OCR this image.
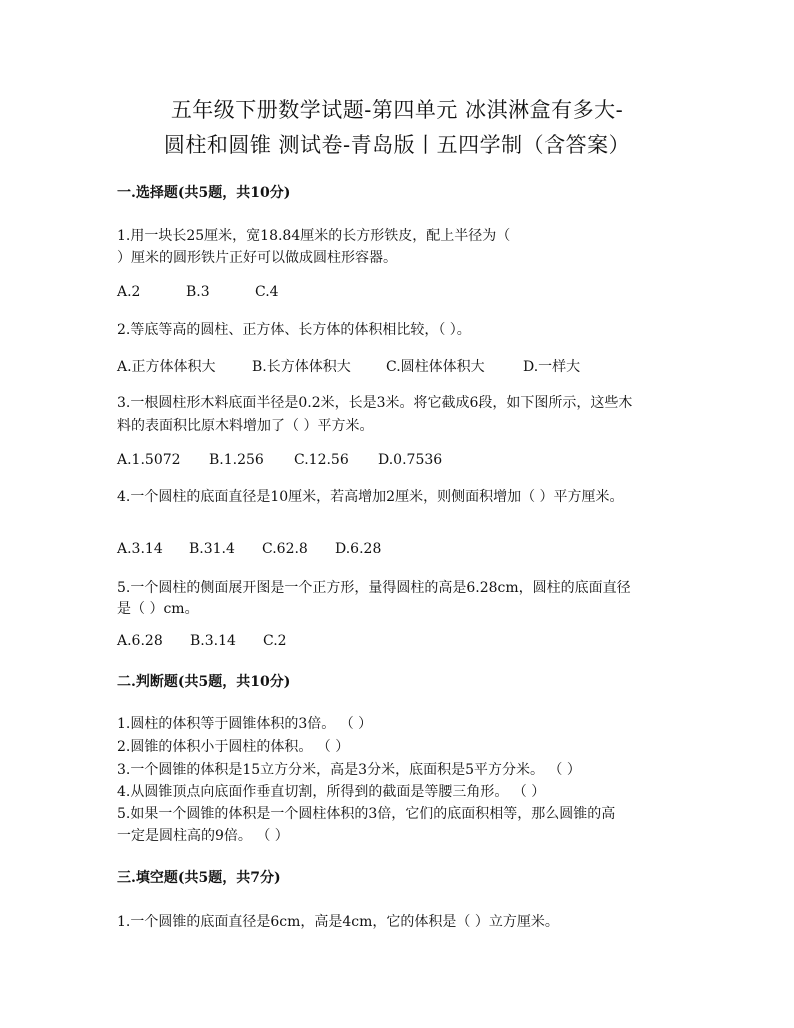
五年级下册数学试题-第四单元 冰淇淋盒有多大-
圆柱和圆锥 测试卷-青岛版丨五四学制（含答案）
一.选择题(共5题，共10分)
1.用一块长25厘米，宽18.84厘米的长方形铁皮，配上半径为（
）厘米的圆形铁片正好可以做成圆柱形容器。
A.2	B.3	C.4
2.等底等高的圆柱、正方体、长方体的体积相比较，（ ）。
A.正方体体积大	B.长方体体积大	C.圆柱体体积大	D.一样大
3.一根圆柱形木料底面半径是0.2米，长是3米。将它截成6段，如下图所示，这些木
料的表面积比原木料增加了（ ）平方米。
A.1.5072	B.1.256	C.12.56	D.0.7536
4.一个圆柱的底面直径是10厘米，若高增加2厘米，则侧面积增加（ ）平方厘米。
A.3.14	B.31.4	C.62.8	D.6.28
5.一个圆柱的侧面展开图是一个正方形，量得圆柱的高是6.28cm，圆柱的底面直径
是（ ）cm。
A.6.28	B.3.14	C.2
二.判断题(共5题，共10分)
1.圆柱的体积等于圆锥体积的3倍。 （ ）
2.圆锥的体积小于圆柱的体积。 （ ）
3.一个圆锥的体积是15立方分米，高是3分米，底面积是5平方分米。 （ ）
4.从圆锥顶点向底面作垂直切割，所得到的截面是等腰三角形。 （ ）
5.如果一个圆锥的体积是一个圆柱体积的3倍，它们的底面积相等，那么圆锥的高
一定是圆柱高的9倍。 （ ）
三.填空题(共5题，共7分)
1.一个圆锥的底面直径是6cm，高是4cm，它的体积是（ ）立方厘米。
